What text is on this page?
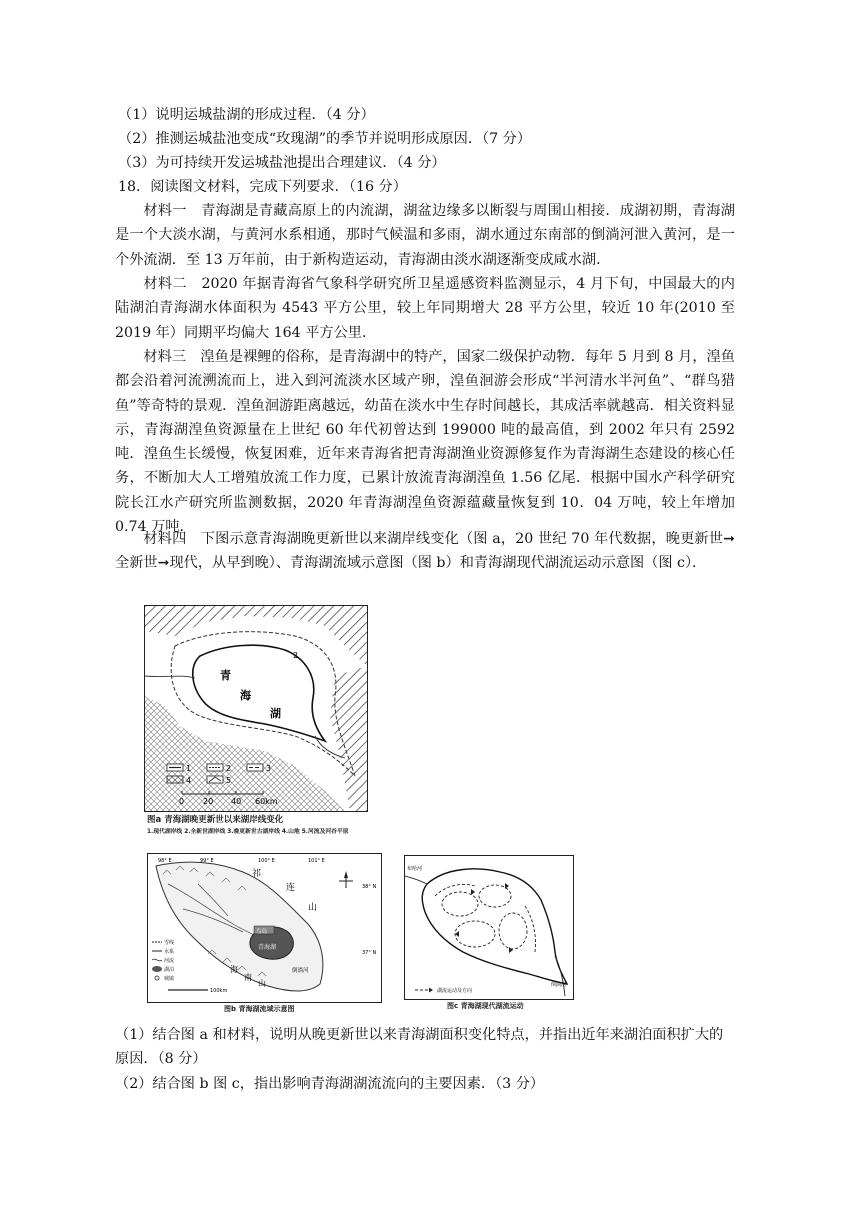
（1）说明运城盐湖的形成过程．（4 分）
（2）推测运城盐池变成“玫瑰湖”的季节并说明形成原因．（7 分）
（3）为可持续开发运城盐池提出合理建议．（4 分）
18．阅读图文材料，完成下列要求．（16 分）
材料一　青海湖是青藏高原上的内流湖，湖盆边缘多以断裂与周围山相接．成湖初期，青海湖是一个大淡水湖，与黄河水系相通，那时气候温和多雨，湖水通过东南部的倒淌河泄入黄河，是一个外流湖．至 13 万年前，由于新构造运动，青海湖由淡水湖逐渐变成咸水湖．
材料二　2020 年据青海省气象科学研究所卫星遥感资料监测显示，4 月下旬，中国最大的内陆湖泊青海湖水体面积为 4543 平方公里，较上年同期增大 28 平方公里，较近 10 年(2010 至 2019 年）同期平均偏大 164 平方公里．
材料三　湟鱼是裸鲤的俗称，是青海湖中的特产，国家二级保护动物．每年 5 月到 8 月，湟鱼都会沿着河流溯流而上，进入到河流淡水区域产卵，湟鱼洄游会形成“半河清水半河鱼”、“群鸟猎鱼”等奇特的景观．湟鱼洄游距离越远，幼苗在淡水中生存时间越长，其成活率就越高．相关资料显示，青海湖湟鱼资源量在上世纪 60 年代初曾达到 199000 吨的最高值，到 2002 年只有 2592 吨．湟鱼生长缓慢，恢复困难，近年来青海省把青海湖渔业资源修复作为青海湖生态建设的核心任务，不断加大人工增殖放流工作力度，已累计放流青海湖湟鱼 1.56 亿尾．根据中国水产科学研究院长江水产研究所监测数据，2020 年青海湖湟鱼资源蕴藏量恢复到 10．04 万吨，较上年增加 0.74 万吨．
材料四　下图示意青海湖晚更新世以来湖岸线变化（图 a，20 世纪 70 年代数据，晚更新世➞全新世➞现代，从早到晚）、青海湖流域示意图（图 b）和青海湖现代湖流运动示意图（图 c）．
青
海
湖
2
1	2	3
4	5
0 20 40 60km
图a 青海湖晚更新世以来湖岸线变化
1.现代湖岸线 2.全新世湖岸线 3.晚更新世古湖岸线 4.山地 5.河流及河谷平原
鸟岛
青海湖
祁
连
山
海
南
山
倒淌河
98° E	99° E	100° E	101° E
38° N
37° N
雪线
水系
河流
湖泊
城镇
100km
图b 青海湖流域示意图
倒淌河
布哈河
湖流运动及方向
图c 青海湖现代湖流运动
（1）结合图 a 和材料，说明从晚更新世以来青海湖面积变化特点，并指出近年来湖泊面积扩大的原因．（8 分）
（2）结合图 b 图 c，指出影响青海湖湖流流向的主要因素．（3 分）
